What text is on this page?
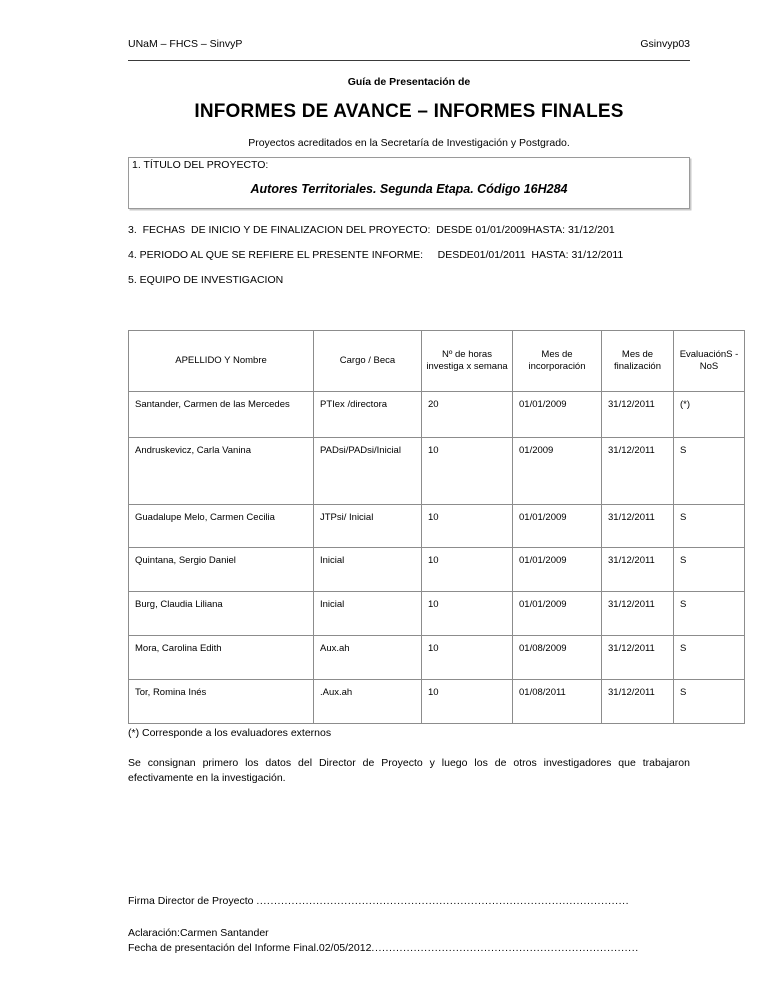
UNaM – FHCS – SinvyP	Gsinvyp03
Guía de Presentación de
INFORMES DE AVANCE – INFORMES FINALES
Proyectos acreditados en la Secretaría de Investigación y Postgrado.
1. TÍTULO DEL PROYECTO:
Autores Territoriales. Segunda Etapa. Código 16H284
3.  FECHAS  DE INICIO Y DE FINALIZACION DEL PROYECTO:  DESDE 01/01/2009HASTA: 31/12/201
4. PERIODO AL QUE SE REFIERE EL PRESENTE INFORME:     DESDE01/01/2011  HASTA: 31/12/2011
5. EQUIPO DE INVESTIGACION
APELLIDO Y Nombre	Cargo / Beca	Nº de horas investiga x semana	Mes de incorporación	Mes de finalización	EvaluaciónS - NoS
Santander, Carmen de las Mercedes	PTIex /directora	20	01/01/2009	31/12/2011	(*)
Andruskevicz, Carla Vanina	PADsi/PADsi/Inicial	10	01/2009	31/12/2011	S
Guadalupe Melo, Carmen Cecilia	JTPsi/ Inicial	10	01/01/2009	31/12/2011	S
Quintana, Sergio Daniel	Inicial	10	01/01/2009	31/12/2011	S
Burg, Claudia Liliana	Inicial	10	01/01/2009	31/12/2011	S
Mora, Carolina Edith	Aux.ah	10	01/08/2009	31/12/2011	S
Tor, Romina Inés	.Aux.ah	10	01/08/2011	31/12/2011	S
(*) Corresponde a los evaluadores externos
Se consignan primero los datos del Director de Proyecto y luego los de otros investigadores que trabajaron efectivamente en la investigación.
Firma Director de Proyecto ..........................................................................................................
Aclaración:Carmen Santander
Fecha de presentación del Informe Final.02/05/2012............................................................................
